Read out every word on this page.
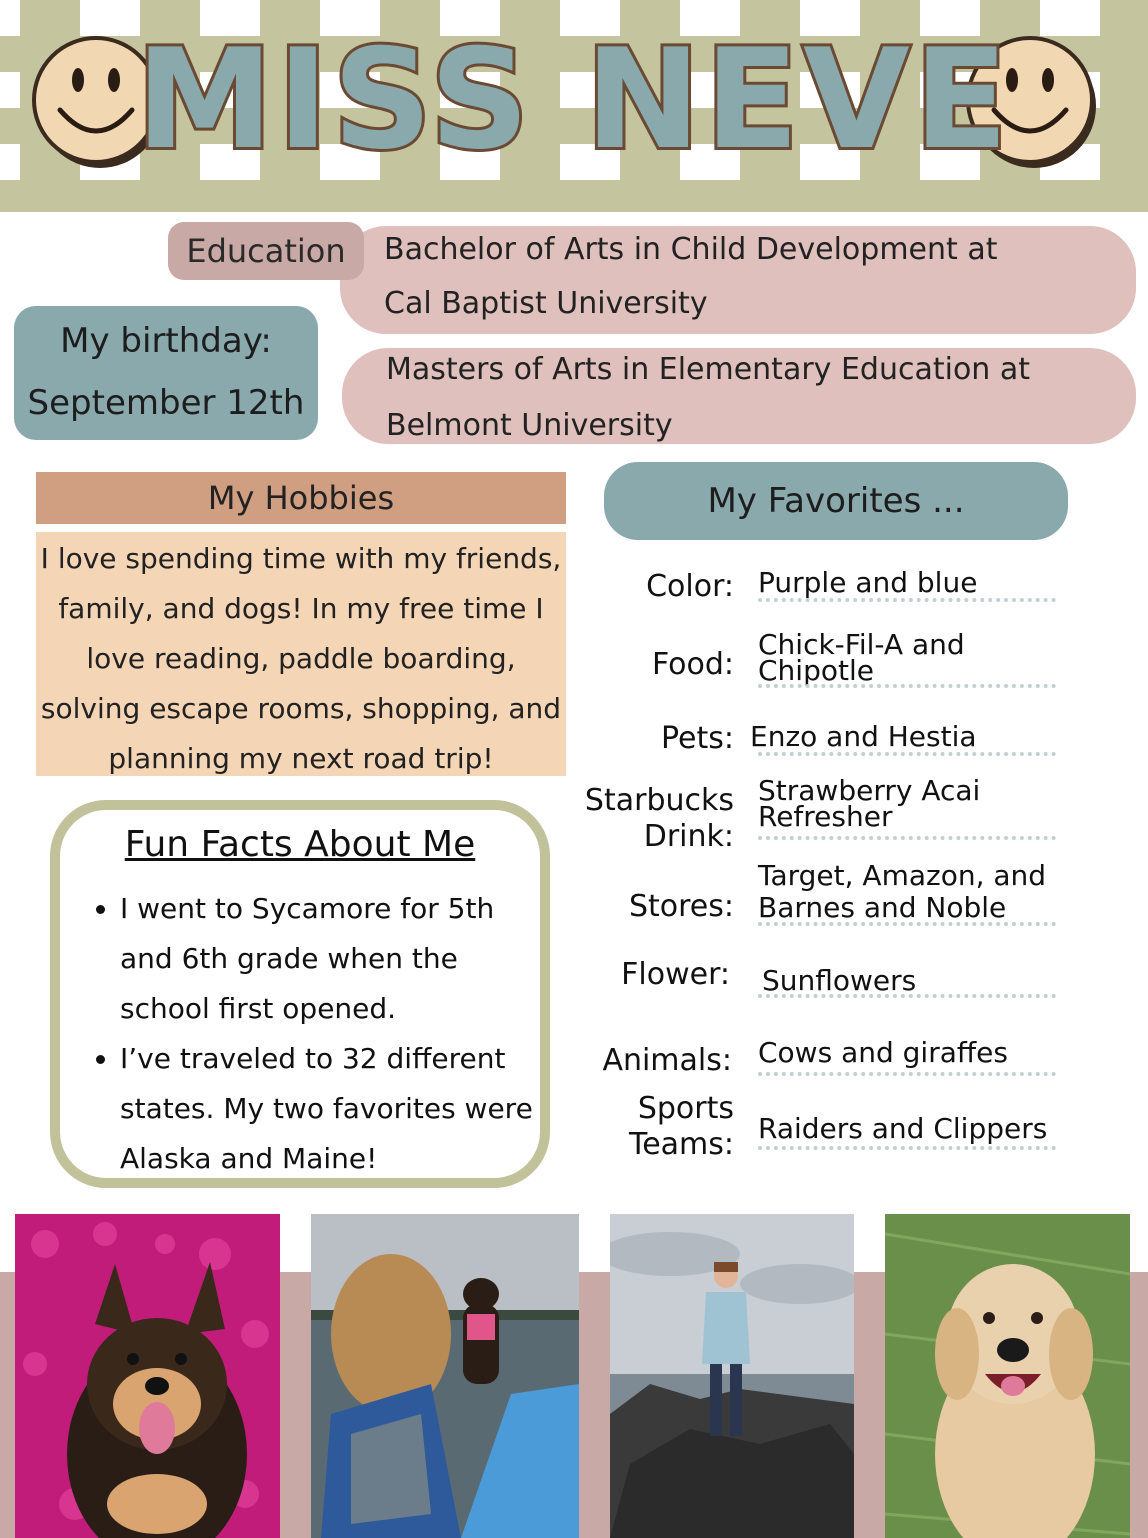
MISS NEVE
Bachelor of Arts in Child Development at
Cal Baptist University
Education
Masters of Arts in Elementary Education at
Belmont University
My birthday:
September 12th
My Hobbies
I love spending time with my friends, family, and dogs! In my free time I love reading, paddle boarding, solving escape rooms, shopping, and planning my next road trip!
Fun Facts About Me
• I went to Sycamore for 5th and 6th grade when the school first opened.
• I’ve traveled to 32 different states. My two favorites were Alaska and Maine!
My Favorites ...
Color: Purple and blue
Food:
Chick-Fil-A and Chipotle
Pets: Enzo and Hestia
Starbucks
Drink:
Strawberry Acai Refresher
Stores:
Target, Amazon, and Barnes and Noble
Flower: Sunflowers
Animals: Cows and giraffes
Sports
Teams: Raiders and Clippers
